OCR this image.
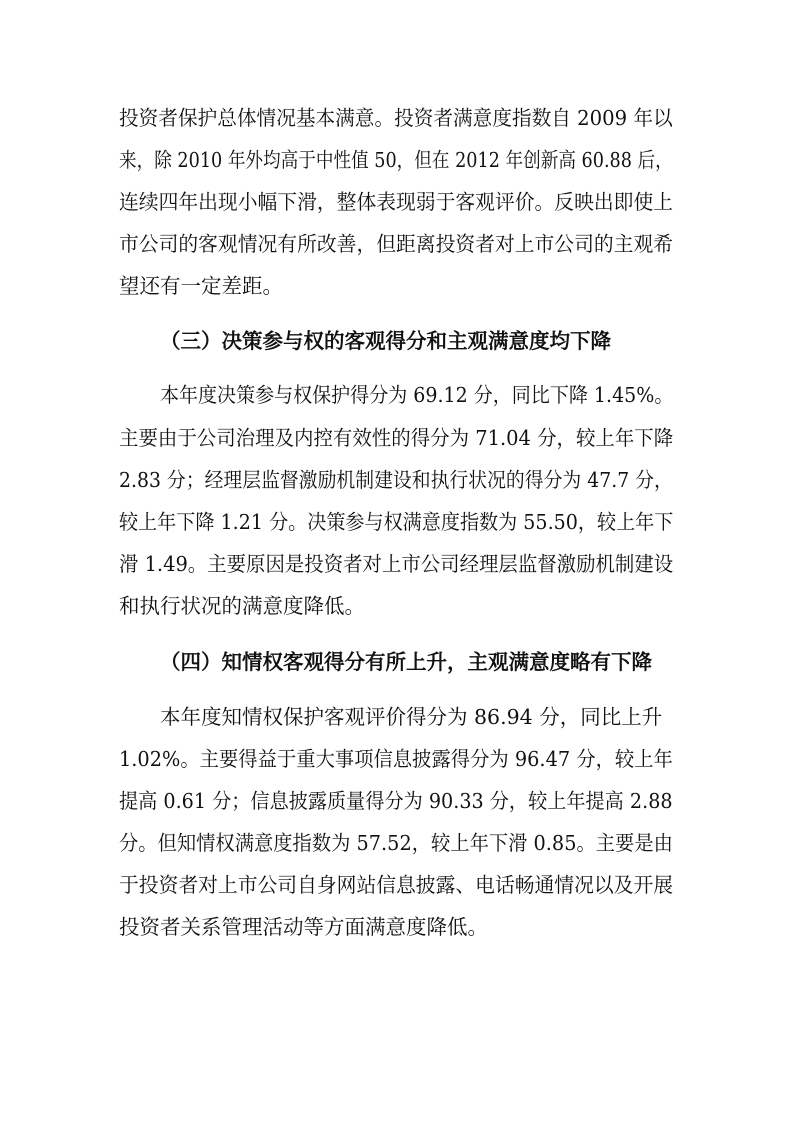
投资者保护总体情况基本满意。投资者满意度指数自 2009 年以
来，除 2010 年外均高于中性值 50，但在 2012 年创新高 60.88 后，
连续四年出现小幅下滑，整体表现弱于客观评价。反映出即使上
市公司的客观情况有所改善，但距离投资者对上市公司的主观希
望还有一定差距。
（三）决策参与权的客观得分和主观满意度均下降
本年度决策参与权保护得分为 69.12 分，同比下降 1.45%。
主要由于公司治理及内控有效性的得分为 71.04 分，较上年下降
2.83 分；经理层监督激励机制建设和执行状况的得分为 47.7 分，
较上年下降 1.21 分。决策参与权满意度指数为 55.50，较上年下
滑 1.49。主要原因是投资者对上市公司经理层监督激励机制建设
和执行状况的满意度降低。
（四）知情权客观得分有所上升，主观满意度略有下降
本年度知情权保护客观评价得分为 86.94 分，同比上升
1.02%。主要得益于重大事项信息披露得分为 96.47 分，较上年
提高 0.61 分；信息披露质量得分为 90.33 分，较上年提高 2.88
分。但知情权满意度指数为 57.52，较上年下滑 0.85。主要是由
于投资者对上市公司自身网站信息披露、电话畅通情况以及开展
投资者关系管理活动等方面满意度降低。
